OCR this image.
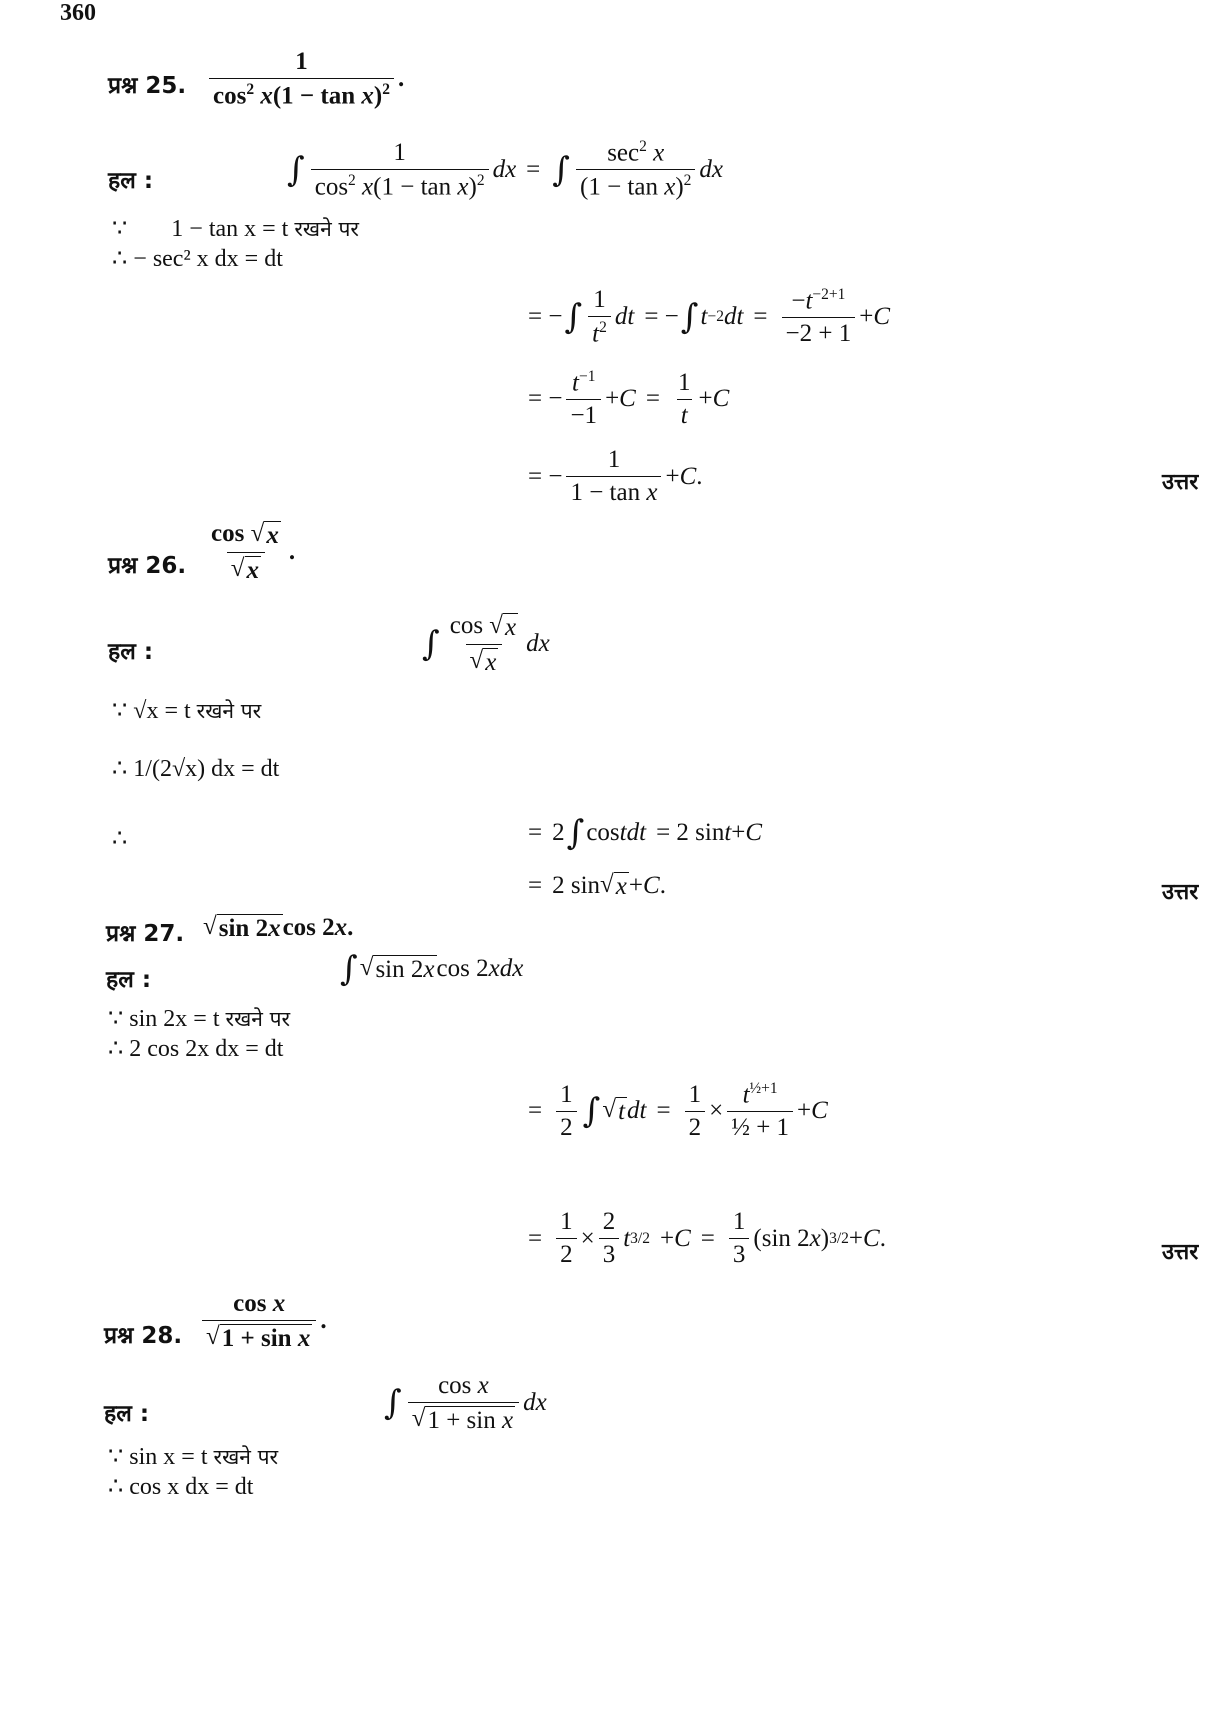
360
प्रश्न 25. $\frac{1}{\cos^2 x(1 - \tan x)^2}$ .
हल :	∫ $\frac{1}{\cos^2 x(1 - \tan x)^2}$ dx = ∫ $\frac{\sec^2 x}{(1 - \tan x)^2}$ dx
∵ 1 − tan x = t रखने पर
∴ − sec² x dx = dt
= − ∫ $\frac{1}{t^2}$ dt = − ∫ t −2 dt = $\frac{-t^{-2+1}}{-2 + 1} + C$
= − $\frac{t^{-1}}{-1} + C = \frac{1}{t} + C$
= − $\frac{1}{\text{1 − tan x}} + C$ .	उत्तर
प्रश्न 26. $\frac{\cos √ x}{√ x}$ .
हल :	∫ $\frac{\cos √ x}{√ x}$ dx
∵ √x = t रखने पर
∴ 1/(2√x) dx = dt
∴	= 2 ∫ cos t dt = 2 sin t + C
= 2 sin √ x + C .	उत्तर
प्रश्न 27. √ sin 2x cos 2 x .
हल :	∫ √ sin 2x cos 2 x dx
∵ sin 2x = t रखने पर
∴ 2 cos 2x dx = dt
= $\frac{1}{2}$ ∫ √ t dt = $\frac{1}{2} \times \frac{t^{\frac{1}{2}+1}}{\text{½ + 1}} + C$
= $\frac{1}{2} \times \frac{2}{3}$ t $3/2 + C = \frac{1}{3} (\sin$ 2 x ) 3/2 + C .
उत्तर
प्रश्न 28. $\frac{\text{cos x}}{\text{√ 1 + sin x}}$ .
हल :	∫ $\frac{\text{cos x}}{\text{√ 1 + sin x}}$ dx
∵ sin x = t रखने पर
∴ cos x dx = dt
